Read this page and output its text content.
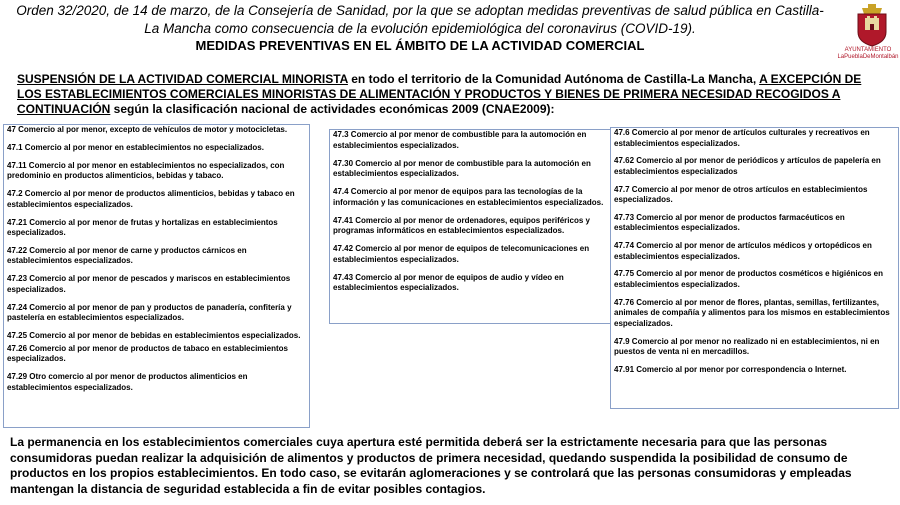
Orden 32/2020, de 14 de marzo, de la Consejería de Sanidad, por la que se adoptan medidas preventivas de salud pública en Castilla-
La Mancha como consecuencia de la evolución epidemiológica del coronavirus (COVID-19).
MEDIDAS PREVENTIVAS EN EL ÁMBITO DE LA ACTIVIDAD COMERCIAL	AYUNTAMIENTO
LaPueblaDeMontalbán
SUSPENSIÓN DE LA ACTIVIDAD COMERCIAL MINORISTA en todo el territorio de la Comunidad Autónoma de Castilla-La Mancha, A EXCEPCIÓN DE LOS ESTABLECIMIENTOS COMERCIALES MINORISTAS DE ALIMENTACIÓN Y PRODUCTOS Y BIENES DE PRIMERA NECESIDAD RECOGIDOS A CONTINUACIÓN según la clasificación nacional de actividades económicas 2009 (CNAE2009):
47 Comercio al por menor, excepto de vehículos de motor y motocicletas.
47.1 Comercio al por menor en establecimientos no especializados.
47.11 Comercio al por menor en establecimientos no especializados, con predominio en productos alimenticios, bebidas y tabaco.
47.2 Comercio al por menor de productos alimenticios, bebidas y tabaco en establecimientos especializados.
47.21 Comercio al por menor de frutas y hortalizas en establecimientos especializados.
47.22 Comercio al por menor de carne y productos cárnicos en establecimientos especializados.
47.23 Comercio al por menor de pescados y mariscos en establecimientos especializados.
47.24 Comercio al por menor de pan y productos de panadería, confitería y pastelería en establecimientos especializados.
47.25 Comercio al por menor de bebidas en establecimientos especializados.
47.26 Comercio al por menor de productos de tabaco en establecimientos especializados.
47.29 Otro comercio al por menor de productos alimenticios en establecimientos especializados.
47.3 Comercio al por menor de combustible para la automoción en establecimientos especializados.
47.30 Comercio al por menor de combustible para la automoción en establecimientos especializados.
47.4 Comercio al por menor de equipos para las tecnologías de la información y las comunicaciones en establecimientos especializados.
47.41 Comercio al por menor de ordenadores, equipos periféricos y programas informáticos en establecimientos especializados.
47.42 Comercio al por menor de equipos de telecomunicaciones en establecimientos especializados.
47.43 Comercio al por menor de equipos de audio y vídeo en establecimientos especializados.
47.6 Comercio al por menor de artículos culturales y recreativos en establecimientos especializados.
47.62 Comercio al por menor de periódicos y artículos de papelería en establecimientos especializados
47.7 Comercio al por menor de otros artículos en establecimientos especializados.
47.73 Comercio al por menor de productos farmacéuticos en establecimientos especializados.
47.74 Comercio al por menor de artículos médicos y ortopédicos en establecimientos especializados.
47.75 Comercio al por menor de productos cosméticos e higiénicos en establecimientos especializados.
47.76 Comercio al por menor de flores, plantas, semillas, fertilizantes, animales de compañía y alimentos para los mismos en establecimientos especializados.
47.9 Comercio al por menor no realizado ni en establecimientos, ni en puestos de venta ni en mercadillos.
47.91 Comercio al por menor por correspondencia o Internet.
La permanencia en los establecimientos comerciales cuya apertura esté permitida deberá ser la estrictamente necesaria para que las personas consumidoras puedan realizar la adquisición de alimentos y productos de primera necesidad, quedando suspendida la posibilidad de consumo de productos en los propios establecimientos. En todo caso, se evitarán aglomeraciones y se controlará que las personas consumidoras y empleadas mantengan la distancia de seguridad establecida a fin de evitar posibles contagios.
